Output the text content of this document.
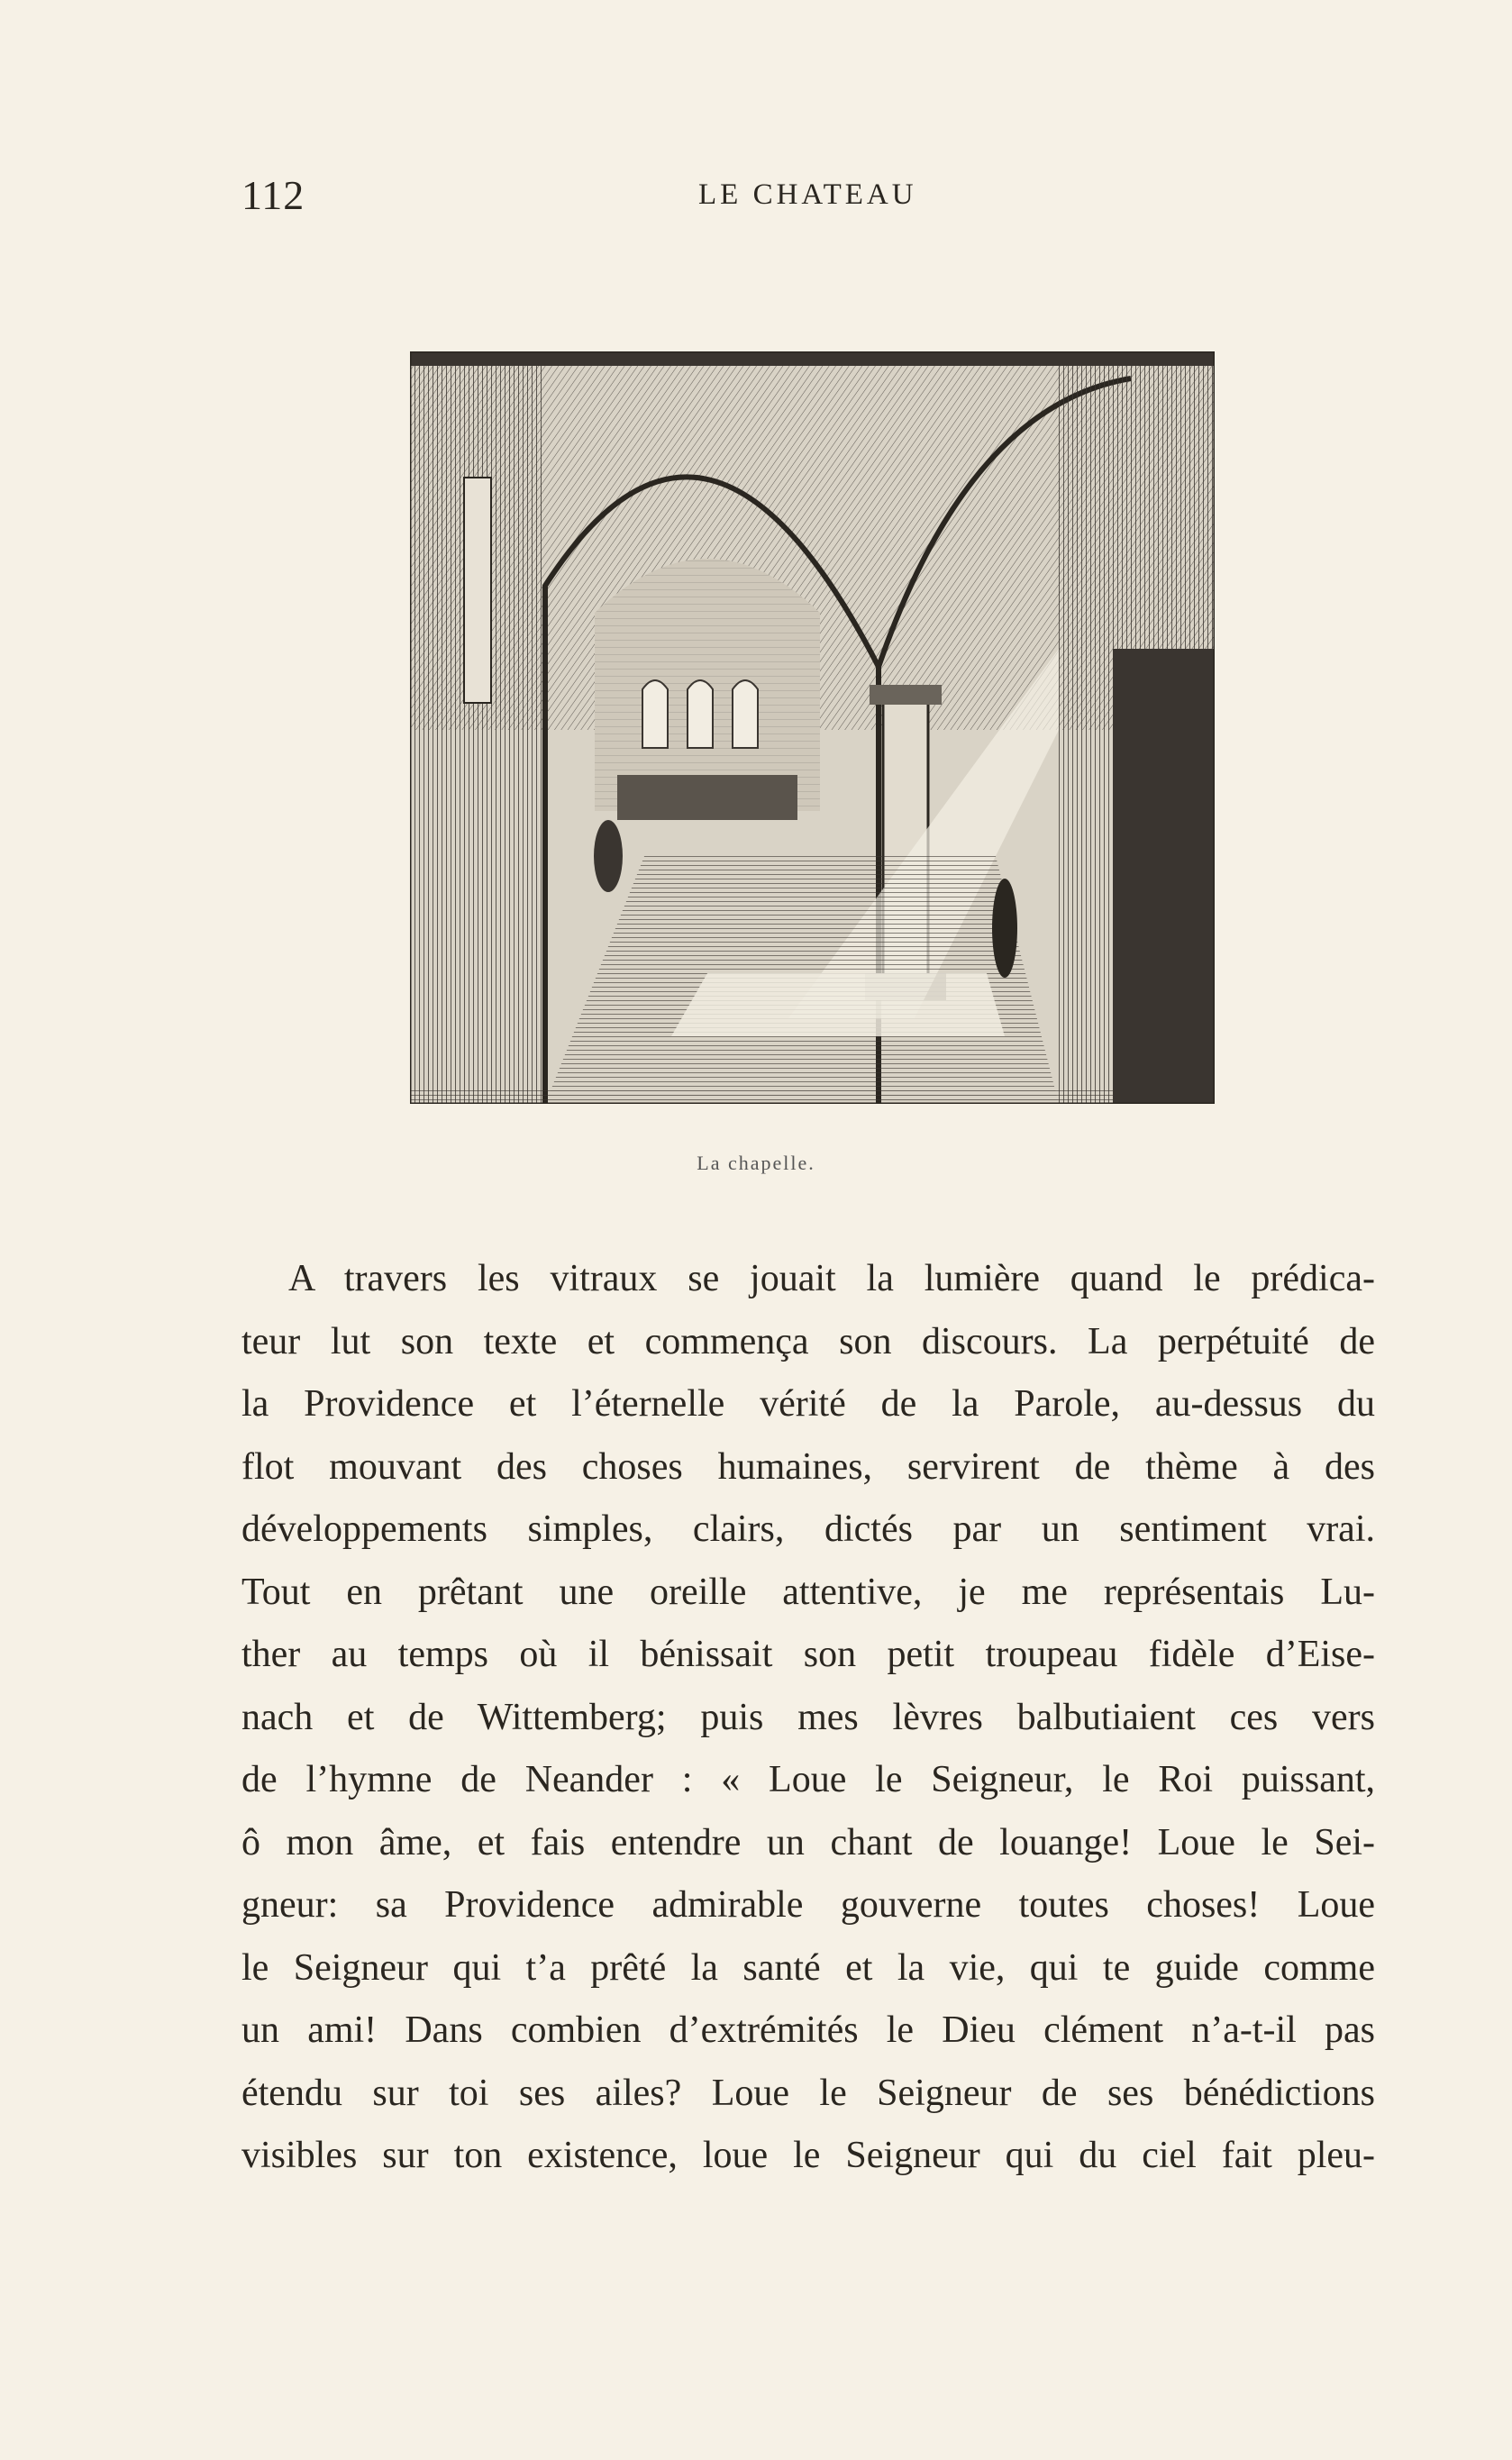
112	LE CHATEAU
La chapelle.
A travers les vitraux se jouait la lumière quand le prédica-
teur lut son texte et commença son discours. La perpétuité de
la Providence et l’éternelle vérité de la Parole, au-dessus du
flot mouvant des choses humaines, servirent de thème à des
développements simples, clairs, dictés par un sentiment vrai.
Tout en prêtant une oreille attentive, je me représentais Lu-
ther au temps où il bénissait son petit troupeau fidèle d’Eise-
nach et de Wittemberg; puis mes lèvres balbutiaient ces vers
de l’hymne de Neander : « Loue le Seigneur, le Roi puissant,
ô mon âme, et fais entendre un chant de louange! Loue le Sei-
gneur: sa Providence admirable gouverne toutes choses! Loue
le Seigneur qui t’a prêté la santé et la vie, qui te guide comme
un ami! Dans combien d’extrémités le Dieu clément n’a-t-il pas
étendu sur toi ses ailes? Loue le Seigneur de ses bénédictions
visibles sur ton existence, loue le Seigneur qui du ciel fait pleu-
